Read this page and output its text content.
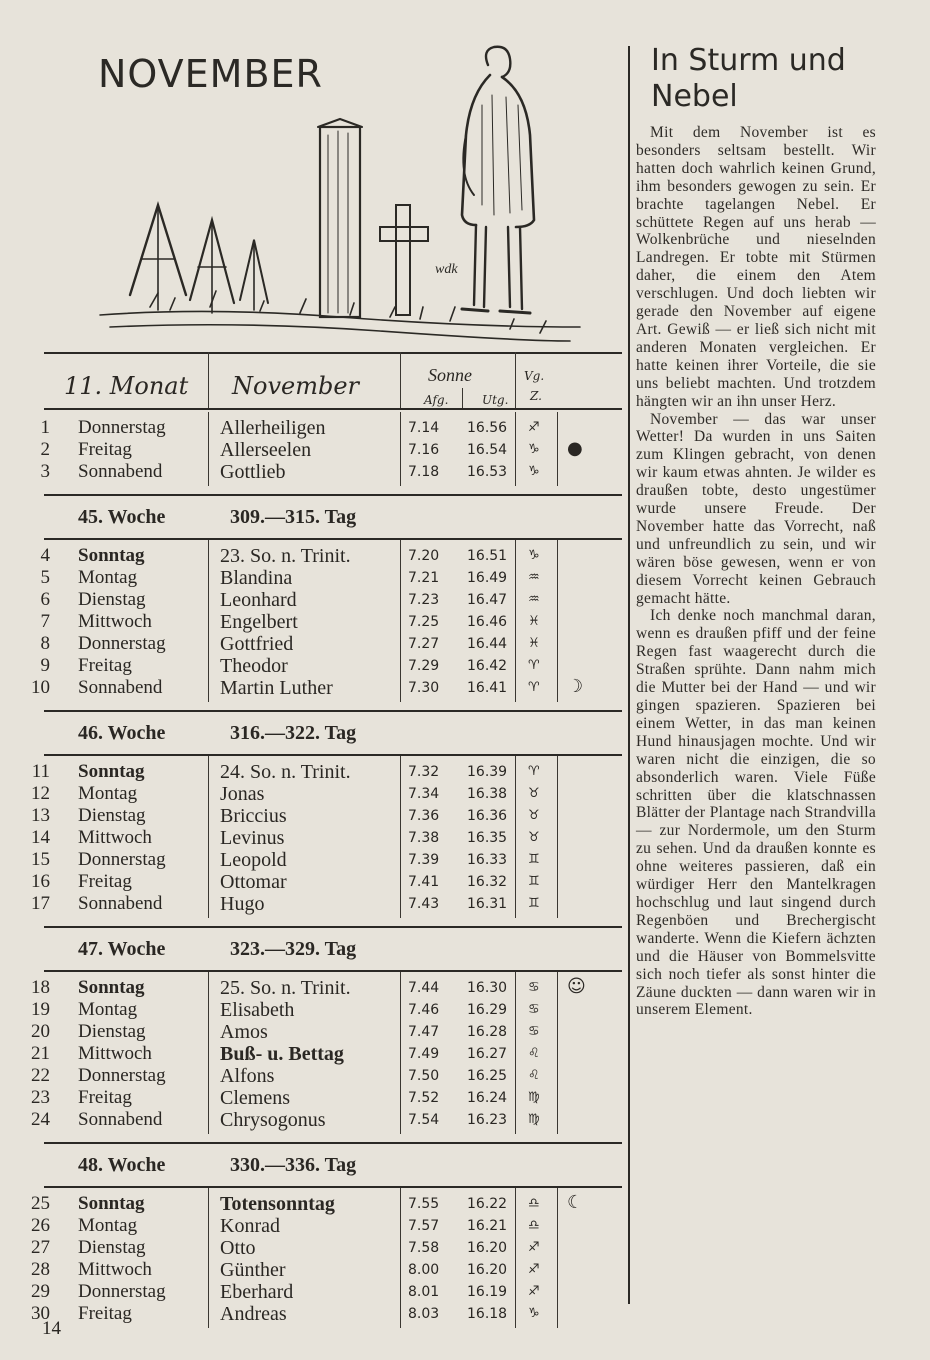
NOVEMBER
wdk
11. Monat November	Sonne
Afg.	Utg.
Vg.
Z.
1 Donnerstag	Allerheiligen	7.14 16.56 ♐
2 Freitag	Allerseelen	7.16 16.54 ♑ ●
3 Sonnabend	Gottlieb	7.18 16.53 ♑
45. Woche	309.—315. Tag
4 Sonntag	23. So. n. Trinit.	7.20 16.51 ♑
5 Montag	Blandina	7.21 16.49 ♒
6 Dienstag	Leonhard	7.23 16.47 ♒
7 Mittwoch	Engelbert	7.25 16.46 ♓
8 Donnerstag	Gottfried	7.27 16.44 ♓
9 Freitag	Theodor	7.29 16.42 ♈
10 Sonnabend	Martin Luther	7.30 16.41 ♈ ☽
46. Woche	316.—322. Tag
11 Sonntag	24. So. n. Trinit.	7.32 16.39 ♈
12 Montag	Jonas	7.34 16.38 ♉
13 Dienstag	Briccius	7.36 16.36 ♉
14 Mittwoch	Levinus	7.38 16.35 ♉
15 Donnerstag	Leopold	7.39 16.33 ♊
16 Freitag	Ottomar	7.41 16.32 ♊
17 Sonnabend	Hugo	7.43 16.31 ♊
47. Woche	323.—329. Tag
18 Sonntag	25. So. n. Trinit.	7.44 16.30 ♋ ☺
19 Montag	Elisabeth	7.46 16.29 ♋
20 Dienstag	Amos	7.47 16.28 ♋
21 Mittwoch	Buß- u. Bettag	7.49 16.27 ♌
22 Donnerstag	Alfons	7.50 16.25 ♌
23 Freitag	Clemens	7.52 16.24 ♍
24 Sonnabend	Chrysogonus	7.54 16.23 ♍
48. Woche	330.—336. Tag
25 Sonntag	Totensonntag	7.55 16.22 ♎ ☾
26 Montag	Konrad	7.57 16.21 ♎
27 Dienstag	Otto	7.58 16.20 ♐
28 Mittwoch	Günther	8.00 16.20 ♐
29 Donnerstag	Eberhard	8.01 16.19 ♐
30 Freitag	Andreas	8.03 16.18 ♑
In Sturm und Nebel

Mit dem November ist es besonders seltsam bestellt. Wir hatten doch wahrlich keinen Grund, ihm besonders gewogen zu sein. Er brachte tagelangen Nebel. Er schüttete Regen auf uns herab — Wolkenbrüche und nieselnden Landregen. Er tobte mit Stürmen daher, die einem den Atem verschlugen. Und doch liebten wir gerade den November auf eigene Art. Gewiß — er ließ sich nicht mit anderen Monaten vergleichen. Er hatte keinen ihrer Vorteile, die sie uns beliebt machten. Und trotzdem hängten wir an ihn unser Herz.

November — das war unser Wetter! Da wurden in uns Saiten zum Klingen gebracht, von denen wir kaum etwas ahnten. Je wilder es draußen tobte, desto ungestümer wurde unsere Freude. Der November hatte das Vorrecht, naß und unfreundlich zu sein, und wir wären böse gewesen, wenn er von diesem Vorrecht keinen Gebrauch gemacht hätte.

Ich denke noch manchmal daran, wenn es draußen pfiff und der feine Regen fast waagerecht durch die Straßen sprühte. Dann nahm mich die Mutter bei der Hand — und wir gingen spazieren. Spazieren bei einem Wetter, in das man keinen Hund hinausjagen mochte. Und wir waren nicht die einzigen, die so absonderlich waren. Viele Füße schritten über die klatschnassen Blätter der Plantage nach Strandvilla — zur Nordermole, um den Sturm zu sehen. Und da draußen konnte es ohne weiteres passieren, daß ein würdiger Herr den Mantelkragen hochschlug und laut singend durch Regenböen und Brechergischt wanderte. Wenn die Kiefern ächzten und die Häuser von Bommelsvitte sich noch tiefer als sonst hinter die Zäune duckten — dann waren wir in unserem Element.

14
